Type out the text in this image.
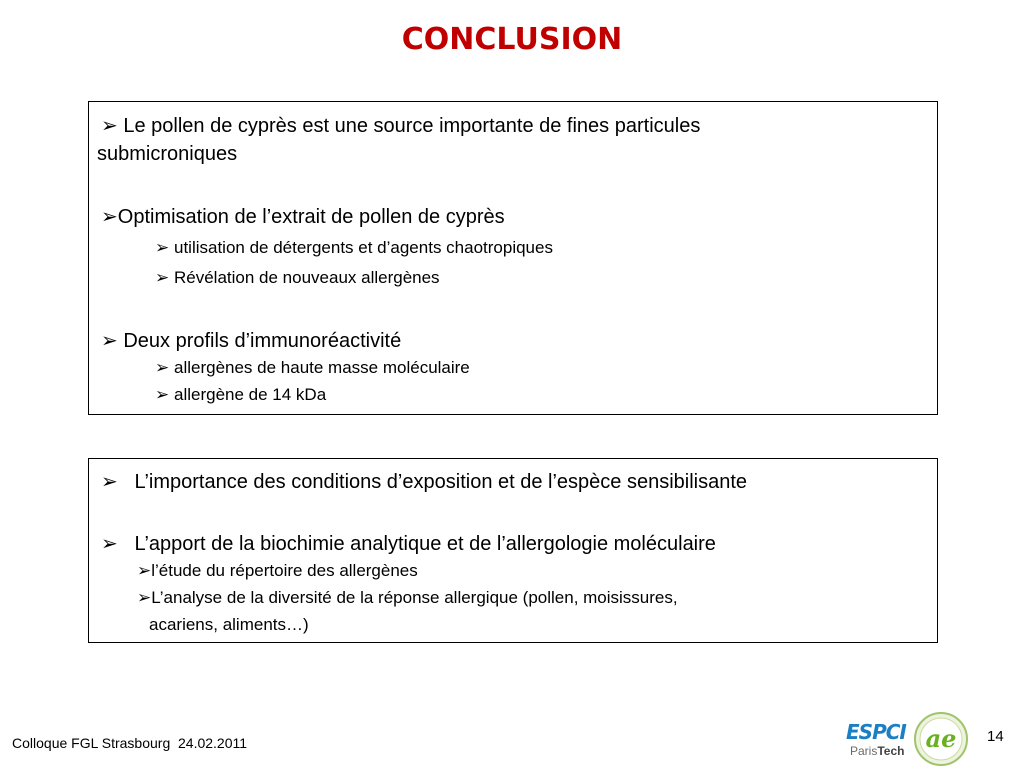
CONCLUSION
➢ Le pollen de cyprès est une source importante de fines particules
submicroniques
➢Optimisation de l’extrait de pollen de cyprès
➢ utilisation de détergents et d’agents chaotropiques
➢ Révélation de nouveaux allergènes
➢ Deux profils d’immunoréactivité
➢ allergènes de haute masse moléculaire
➢ allergène de 14 kDa
➢ L’importance des conditions d’exposition et de l’espèce sensibilisante
➢ L’apport de la biochimie analytique et de l’allergologie moléculaire
➢l’étude du répertoire des allergènes
➢L’analyse de la diversité de la réponse allergique (pollen, moisissures,
acariens, aliments…)
Colloque FGL Strasbourg  24.02.2011	ESPCI
ParisTech ae 14
